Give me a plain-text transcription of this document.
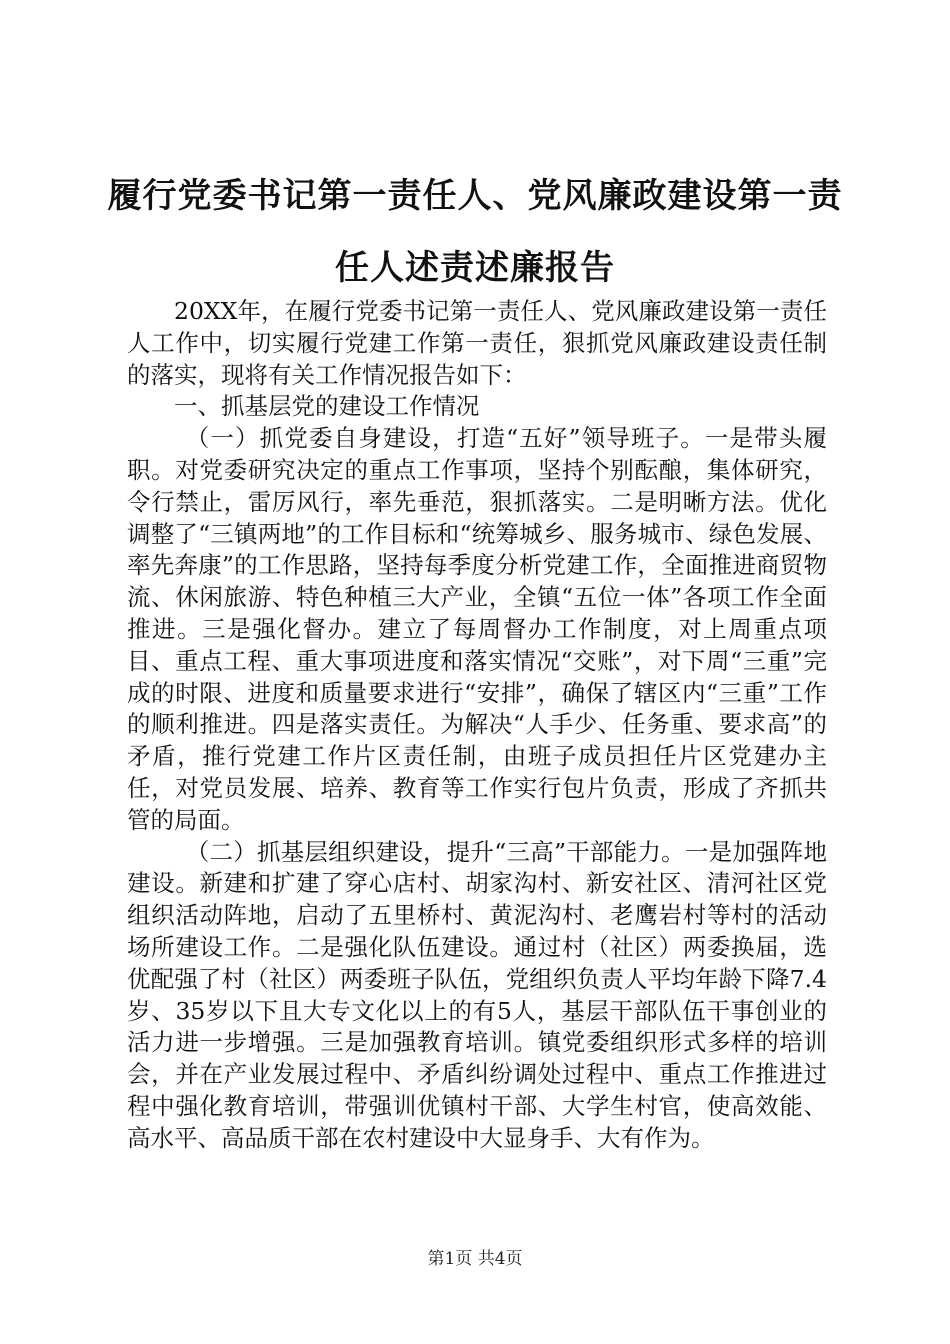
履行党委书记第一责任人、党风廉政建设第一责任人述责述廉报告

20XX年，在履行党委书记第一责任人、党风廉政建设第一责任人工作中，切实履行党建工作第一责任，狠抓党风廉政建设责任制的落实，现将有关工作情况报告如下：

一、抓基层党的建设工作情况

（一）抓党委自身建设，打造“五好”领导班子。一是带头履职。对党委研究决定的重点工作事项，坚持个别酝酿，集体研究，令行禁止，雷厉风行，率先垂范，狠抓落实。二是明晰方法。优化调整了“三镇两地”的工作目标和“统筹城乡、服务城市、绿色发展、率先奔康”的工作思路，坚持每季度分析党建工作，全面推进商贸物流、休闲旅游、特色种植三大产业，全镇“五位一体”各项工作全面推进。三是强化督办。建立了每周督办工作制度，对上周重点项目、重点工程、重大事项进度和落实情况“交账”，对下周“三重”完成的时限、进度和质量要求进行“安排”，确保了辖区内“三重”工作的顺利推进。四是落实责任。为解决“人手少、任务重、要求高”的矛盾，推行党建工作片区责任制，由班子成员担任片区党建办主任，对党员发展、培养、教育等工作实行包片负责，形成了齐抓共管的局面。

（二）抓基层组织建设，提升“三高”干部能力。一是加强阵地建设。新建和扩建了穿心店村、胡家沟村、新安社区、清河社区党组织活动阵地，启动了五里桥村、黄泥沟村、老鹰岩村等村的活动场所建设工作。二是强化队伍建设。通过村（社区）两委换届，选优配强了村（社区）两委班子队伍，党组织负责人平均年龄下降7.4岁、35岁以下且大专文化以上的有5人，基层干部队伍干事创业的活力进一步增强。三是加强教育培训。镇党委组织形式多样的培训会，并在产业发展过程中、矛盾纠纷调处过程中、重点工作推进过程中强化教育培训，带强训优镇村干部、大学生村官，使高效能、高水平、高品质干部在农村建设中大显身手、大有作为。

第1页 共4页
